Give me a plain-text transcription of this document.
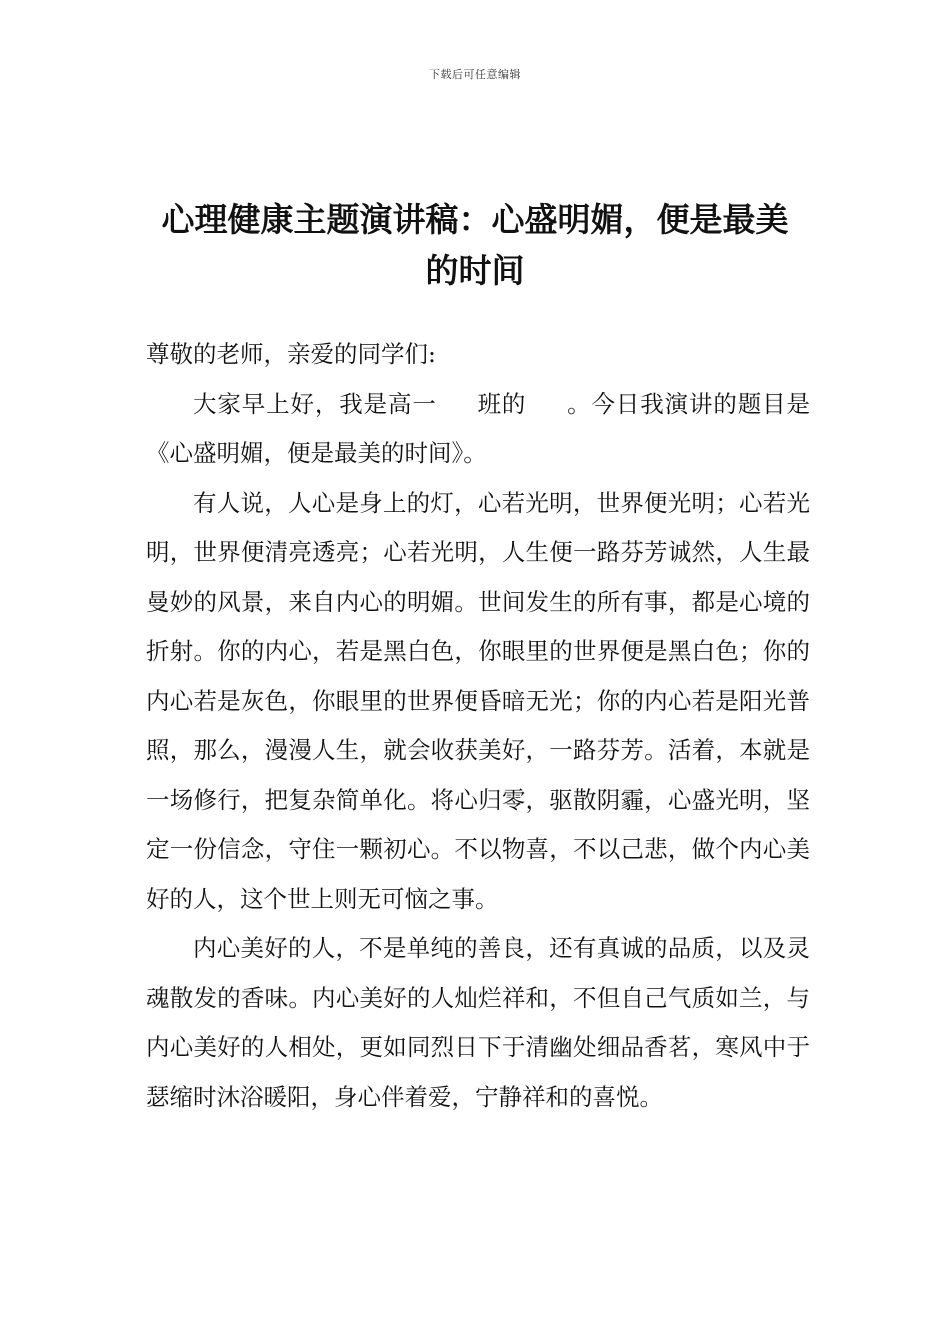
下载后可任意编辑
心理健康主题演讲稿：心盛明媚，便是最美的时间

尊敬的老师，亲爱的同学们:

大家早上好，我是高一 班的 。今日我演讲的题目是《心盛明媚，便是最美的时间》。

有人说，人心是身上的灯，心若光明，世界便光明；心若光明，世界便清亮透亮；心若光明，人生便一路芬芳诚然，人生最曼妙的风景，来自内心的明媚。世间发生的所有事，都是心境的折射。你的内心，若是黑白色，你眼里的世界便是黑白色；你的内心若是灰色，你眼里的世界便昏暗无光；你的内心若是阳光普照，那么，漫漫人生，就会收获美好，一路芬芳。活着，本就是一场修行，把复杂简单化。将心归零，驱散阴霾，心盛光明，坚定一份信念，守住一颗初心。不以物喜，不以己悲，做个内心美好的人，这个世上则无可恼之事。

内心美好的人，不是单纯的善良，还有真诚的品质，以及灵魂散发的香味。内心美好的人灿烂祥和，不但自己气质如兰，与内心美好的人相处，更如同烈日下于清幽处细品香茗，寒风中于瑟缩时沐浴暖阳，身心伴着爱，宁静祥和的喜悦。
